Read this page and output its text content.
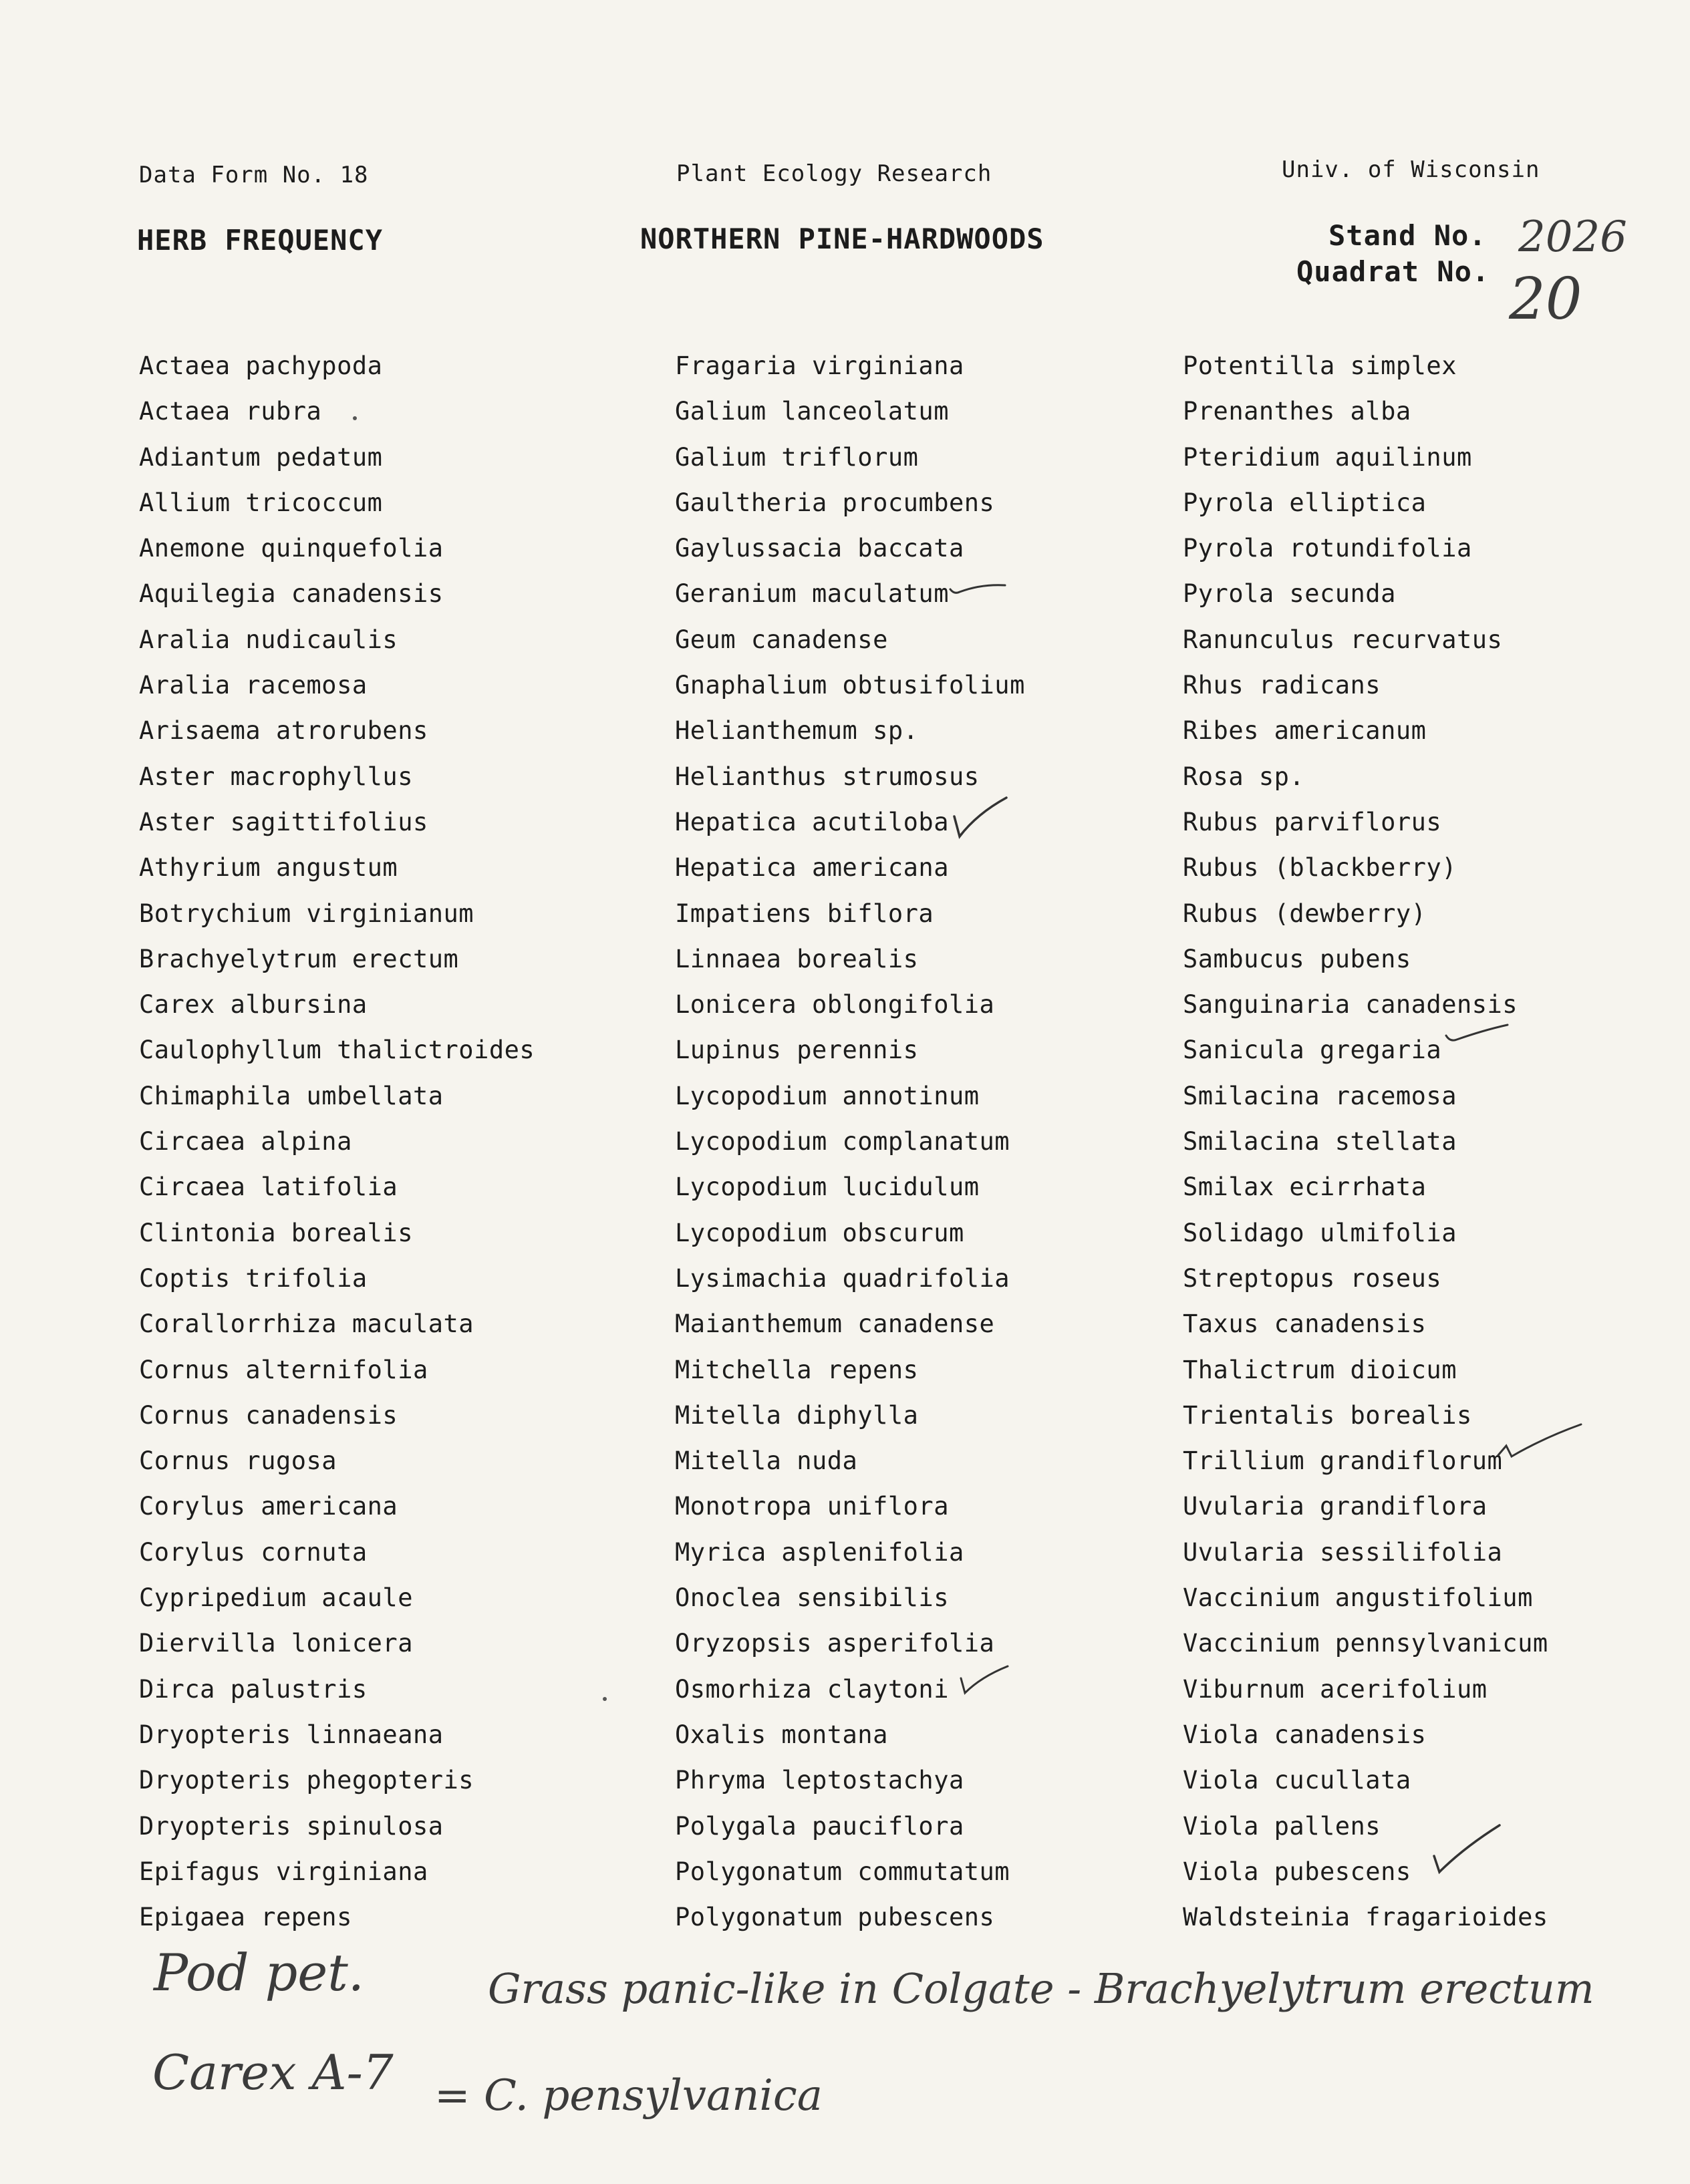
Data Form No. 18	Plant Ecology Research	Univ. of Wisconsin
HERB FREQUENCY	NORTHERN PINE-HARDWOODS	Stand No.
Quadrat No.
2026
20
Actaea pachypoda
Actaea rubra
Adiantum pedatum
Allium tricoccum
Anemone quinquefolia
Aquilegia canadensis
Aralia nudicaulis
Aralia racemosa
Arisaema atrorubens
Aster macrophyllus
Aster sagittifolius
Athyrium angustum
Botrychium virginianum
Brachyelytrum erectum
Carex albursina
Caulophyllum thalictroides
Chimaphila umbellata
Circaea alpina
Circaea latifolia
Clintonia borealis
Coptis trifolia
Corallorrhiza maculata
Cornus alternifolia
Cornus canadensis
Cornus rugosa
Corylus americana
Corylus cornuta
Cypripedium acaule
Diervilla lonicera
Dirca palustris
Dryopteris linnaeana
Dryopteris phegopteris
Dryopteris spinulosa
Epifagus virginiana
Epigaea repens
Fragaria virginiana
Galium lanceolatum
Galium triflorum
Gaultheria procumbens
Gaylussacia baccata
Geranium maculatum
Geum canadense
Gnaphalium obtusifolium
Helianthemum sp.
Helianthus strumosus
Hepatica acutiloba
Hepatica americana
Impatiens biflora
Linnaea borealis
Lonicera oblongifolia
Lupinus perennis
Lycopodium annotinum
Lycopodium complanatum
Lycopodium lucidulum
Lycopodium obscurum
Lysimachia quadrifolia
Maianthemum canadense
Mitchella repens
Mitella diphylla
Mitella nuda
Monotropa uniflora
Myrica asplenifolia
Onoclea sensibilis
Oryzopsis asperifolia
Osmorhiza claytoni
Oxalis montana
Phryma leptostachya
Polygala pauciflora
Polygonatum commutatum
Polygonatum pubescens
Potentilla simplex
Prenanthes alba
Pteridium aquilinum
Pyrola elliptica
Pyrola rotundifolia
Pyrola secunda
Ranunculus recurvatus
Rhus radicans
Ribes americanum
Rosa sp.
Rubus parviflorus
Rubus (blackberry)
Rubus (dewberry)
Sambucus pubens
Sanguinaria canadensis
Sanicula gregaria
Smilacina racemosa
Smilacina stellata
Smilax ecirrhata
Solidago ulmifolia
Streptopus roseus
Taxus canadensis
Thalictrum dioicum
Trientalis borealis
Trillium grandiflorum
Uvularia grandiflora
Uvularia sessilifolia
Vaccinium angustifolium
Vaccinium pennsylvanicum
Viburnum acerifolium
Viola canadensis
Viola cucullata
Viola pallens
Viola pubescens
Waldsteinia fragarioides
Pod pet.	Grass panic-like in Colgate - Brachyelytrum erectum
Carex A-7 = C. pensylvanica
